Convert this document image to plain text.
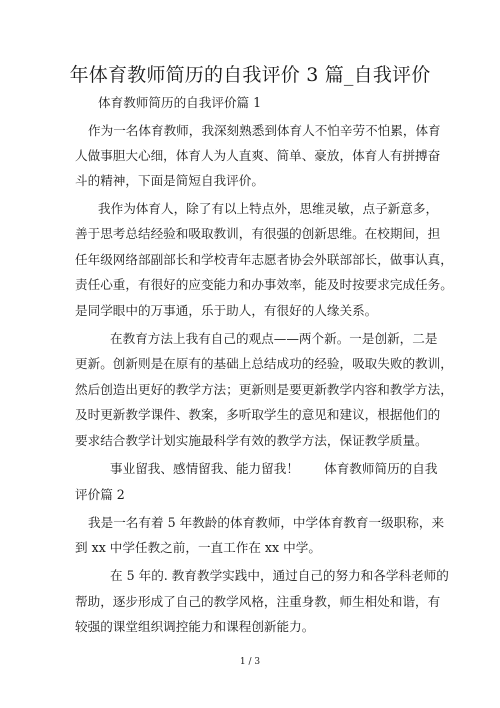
年体育教师简历的自我评价 3 篇_自我评价
体育教师简历的自我评价篇 1
作为一名体育教师，我深刻熟悉到体育人不怕辛劳不怕累，体育
人做事胆大心细，体育人为人直爽、简单、豪放，体育人有拼搏奋
斗的精神，下面是简短自我评价。
我作为体育人，除了有以上特点外，思维灵敏，点子新意多，
善于思考总结经验和吸取教训，有很强的创新思维。在校期间，担
任年级网络部副部长和学校青年志愿者协会外联部部长，做事认真，
责任心重，有很好的应变能力和办事效率，能及时按要求完成任务。
是同学眼中的万事通，乐于助人，有很好的人缘关系。
在教育方法上我有自己的观点——两个新。一是创新，二是
更新。创新则是在原有的基础上总结成功的经验，吸取失败的教训，
然后创造出更好的教学方法；更新则是要更新教学内容和教学方法，
及时更新教学课件、教案，多听取学生的意见和建议，根据他们的
要求结合教学计划实施最科学有效的教学方法，保证教学质量。
事业留我、感情留我、能力留我！　　体育教师简历的自我
评价篇 2
我是一名有着 5 年教龄的体育教师，中学体育教育一级职称，来
到 xx 中学任教之前，一直工作在 xx 中学。
在 5 年的. 教育教学实践中，通过自己的努力和各学科老师的
帮助，逐步形成了自己的教学风格，注重身教，师生相处和谐，有
较强的课堂组织调控能力和课程创新能力。
1 / 3
